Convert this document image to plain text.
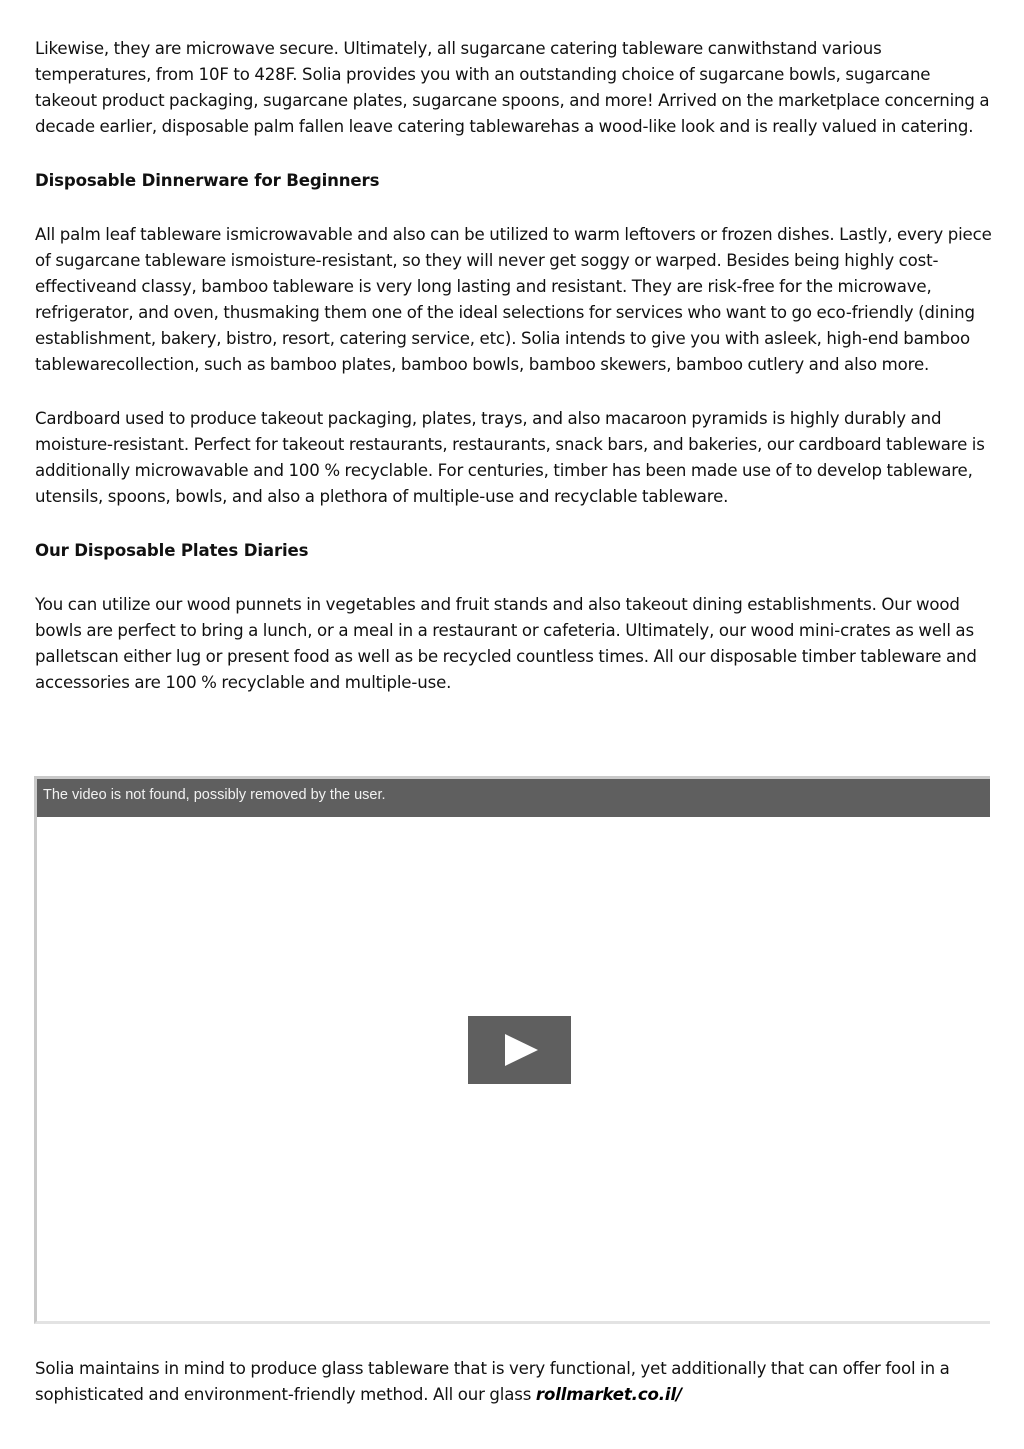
Likewise, they are microwave secure. Ultimately, all sugarcane catering tableware canwithstand various temperatures, from 10F to 428F. Solia provides you with an outstanding choice of sugarcane bowls, sugarcane takeout product packaging, sugarcane plates, sugarcane spoons, and more! Arrived on the marketplace concerning a decade earlier, disposable palm fallen leave catering tablewarehas a wood-like look and is really valued in catering.

Disposable Dinnerware for Beginners

All palm leaf tableware ismicrowavable and also can be utilized to warm leftovers or frozen dishes. Lastly, every piece of sugarcane tableware ismoisture-resistant, so they will never get soggy or warped. Besides being highly cost-effectiveand classy, bamboo tableware is very long lasting and resistant. They are risk-free for the microwave, refrigerator, and oven, thusmaking them one of the ideal selections for services who want to go eco-friendly (dining establishment, bakery, bistro, resort, catering service, etc). Solia intends to give you with asleek, high-end bamboo tablewarecollection, such as bamboo plates, bamboo bowls, bamboo skewers, bamboo cutlery and also more.

Cardboard used to produce takeout packaging, plates, trays, and also macaroon pyramids is highly durably and moisture-resistant. Perfect for takeout restaurants, restaurants, snack bars, and bakeries, our cardboard tableware is additionally microwavable and 100 % recyclable. For centuries, timber has been made use of to develop tableware, utensils, spoons, bowls, and also a plethora of multiple-use and recyclable tableware.

Our Disposable Plates Diaries

You can utilize our wood punnets in vegetables and fruit stands and also takeout dining establishments. Our wood bowls are perfect to bring a lunch, or a meal in a restaurant or cafeteria. Ultimately, our wood mini-crates as well as palletscan either lug or present food as well as be recycled countless times. All our disposable timber tableware and accessories are 100 % recyclable and multiple-use.

The video is not found, possibly removed by the user.

Solia maintains in mind to produce glass tableware that is very functional, yet additionally that can offer fool in a sophisticated and environment-friendly method. All our glass rollmarket.co.il/
